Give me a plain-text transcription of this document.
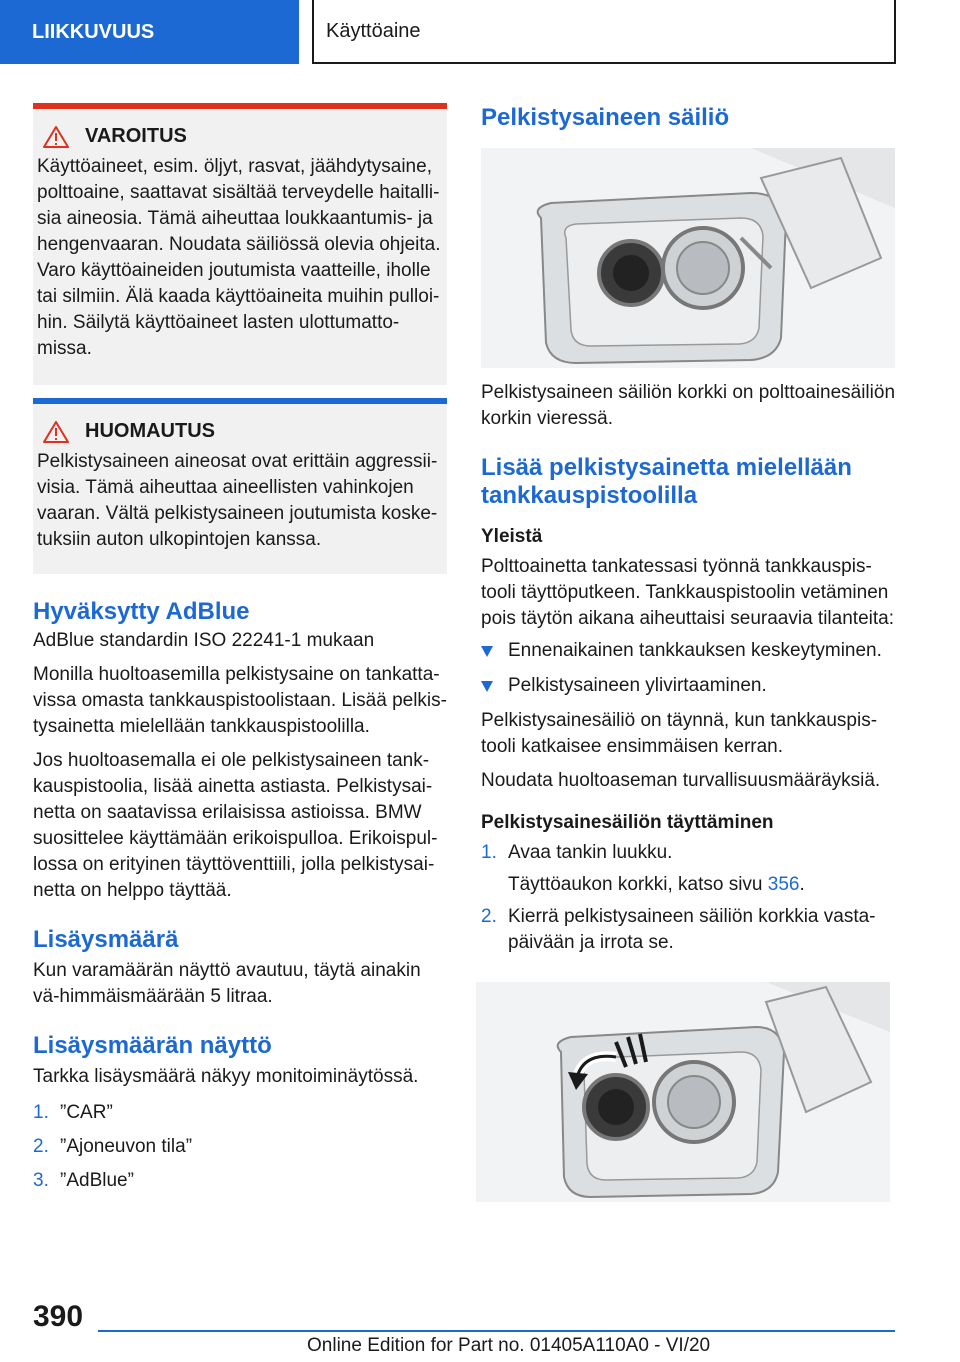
LIIKKUVUUS	Käyttöaine
VAROITUS
Käyttöaineet, esim. öljyt, rasvat, jäähdytysaine, polttoaine, saattavat sisältää terveydelle haitalli-sia aineosia. Tämä aiheuttaa loukkaantumis- ja hengenvaaran. Noudata säiliössä olevia ohjeita. Varo käyttöaineiden joutumista vaatteille, iholle tai silmiin. Älä kaada käyttöaineita muihin pulloi-hin. Säilytä käyttöaineet lasten ulottumatto-missa.
HUOMAUTUS
Pelkistysaineen aineosat ovat erittäin aggressii-visia. Tämä aiheuttaa aineellisten vahinkojen vaaran. Vältä pelkistysaineen joutumista koske-tuksiin auton ulkopintojen kanssa.
Hyväksytty AdBlue

AdBlue standardin ISO 22241‑1 mukaan

Monilla huoltoasemilla pelkistysaine on tankatta-vissa omasta tankkauspistoolistaan. Lisää pelkis-tysainetta mielellään tankkauspistoolilla.

Jos huoltoasemalla ei ole pelkistysaineen tank-kauspistoolia, lisää ainetta astiasta. Pelkistysai-netta on saatavissa erilaisissa astioissa. BMW suosittelee käyttämään erikoispulloa. Erikoispul-lossa on erityinen täyttöventtiili, jolla pelkistysai-netta on helppo täyttää.

Lisäysmäärä

Kun varamäärän näyttö avautuu, täytä ainakin vä-himmäismäärään 5 litraa.

Lisäysmäärän näyttö

Tarkka lisäysmäärä näkyy monitoiminäytössä.

1. ”CAR”
2. ”Ajoneuvon tila”
3. ”AdBlue”
Pelkistysaineen säiliö

Pelkistysaineen säiliön korkki on polttoainesäiliön korkin vieressä.

Lisää pelkistysainetta mielellään tankkauspistoolilla
Yleistä

Polttoainetta tankatessasi työnnä tankkauspis-tooli täyttöputkeen. Tankkauspistoolin vetäminen pois täytön aikana aiheuttaisi seuraavia tilanteita:

Ennenaikainen tankkauksen keskeytyminen.
Pelkistysaineen ylivirtaaminen.

Pelkistysainesäiliö on täynnä, kun tankkauspis-tooli katkaisee ensimmäisen kerran.

Noudata huoltoaseman turvallisuusmääräyksiä.

Pelkistysainesäiliön täyttäminen
1. Avaa tankin luukku.
Täyttöaukon korkki, katso sivu 356.
2. Kierrä pelkistysaineen säiliön korkkia vasta-päivään ja irrota se.
390
Online Edition for Part no. 01405A110A0 - VI/20
